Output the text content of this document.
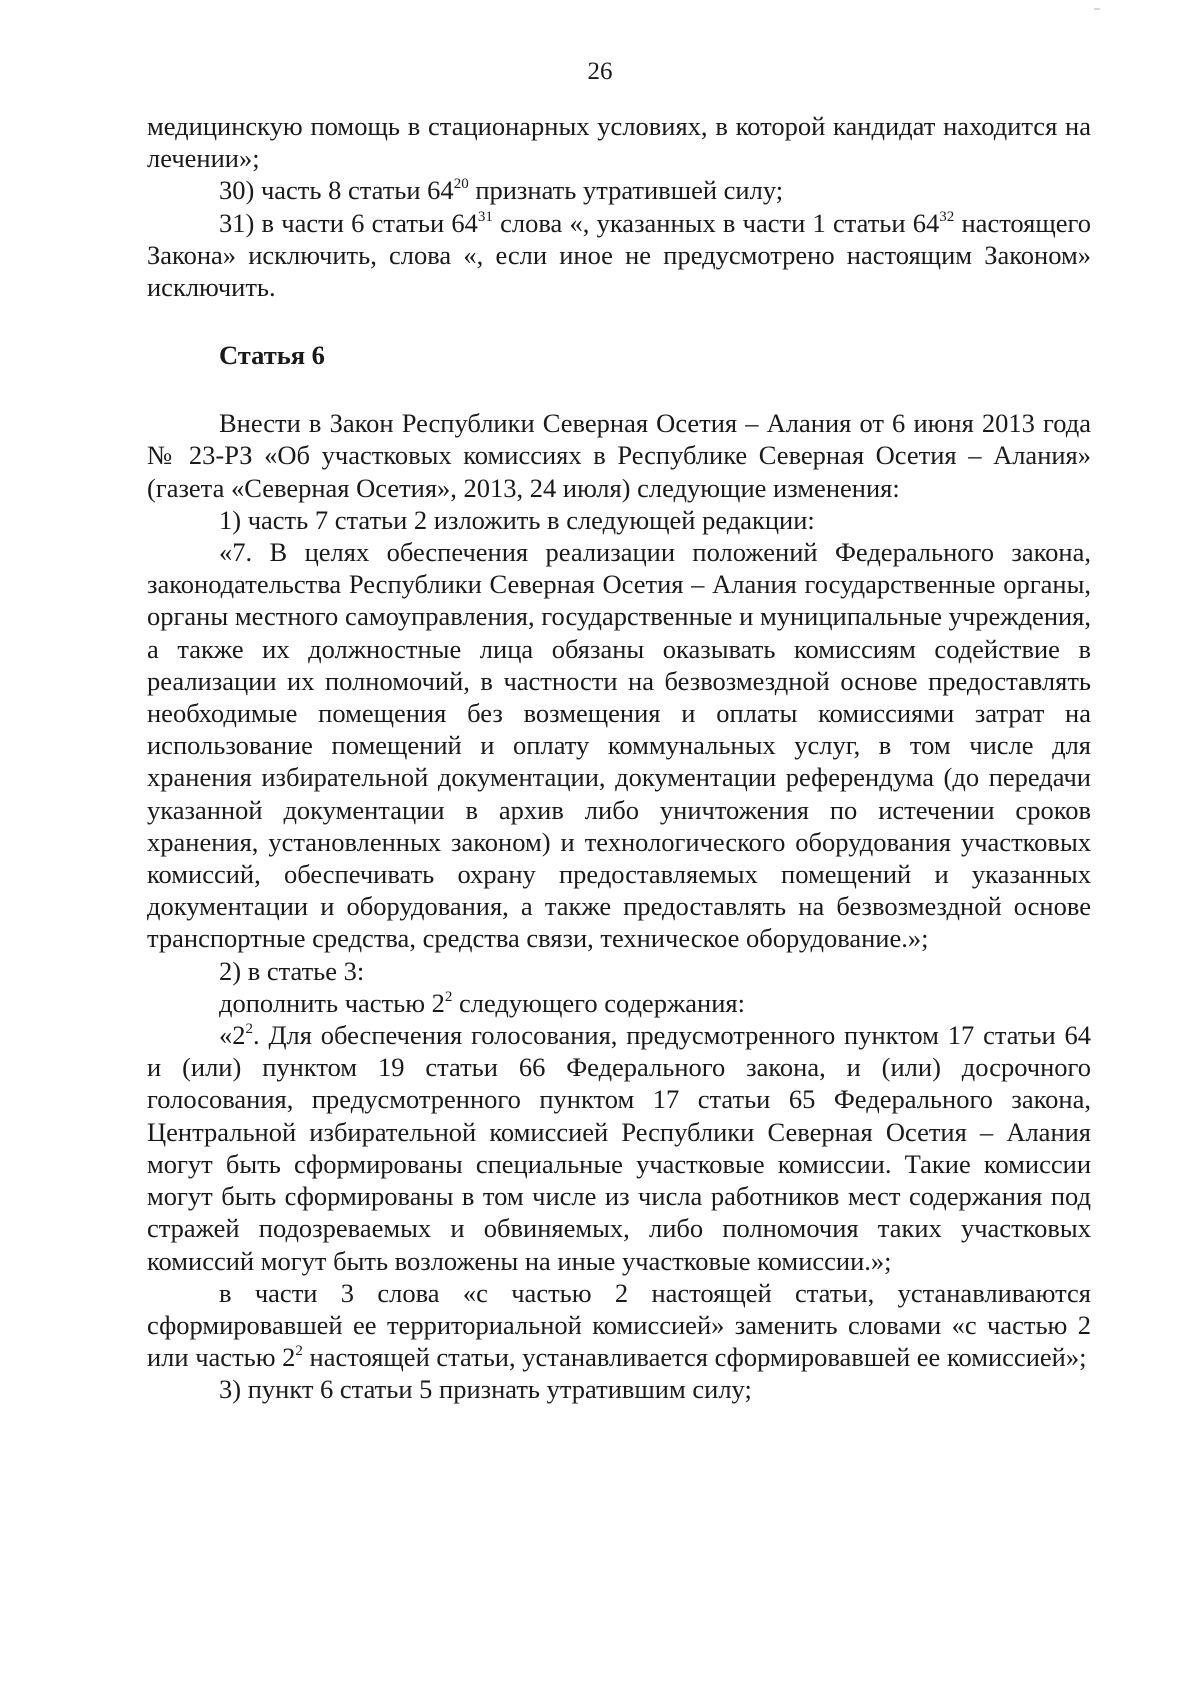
26

медицинскую помощь в стационарных условиях, в которой кандидат находится на лечении»;

30) часть 8 статьи $64^{20}$ признать утратившей силу;

31) в части 6 статьи $64^{31}$ слова «, указанных в части 1 статьи $64^{32}$ настоящего Закона» исключить, слова «, если иное не предусмотрено настоящим Законом» исключить.

Статья 6

Внести в Закон Республики Северная Осетия – Алания от 6 июня 2013 года № 23-РЗ «Об участковых комиссиях в Республике Северная Осетия – Алания» (газета «Северная Осетия», 2013, 24 июля) следующие изменения:

1) часть 7 статьи 2 изложить в следующей редакции:

«7. В целях обеспечения реализации положений Федерального закона, законодательства Республики Северная Осетия – Алания государственные органы, органы местного самоуправления, государственные и муниципальные учреждения, а также их должностные лица обязаны оказывать комиссиям содействие в реализации их полномочий, в частности на безвозмездной основе предоставлять необходимые помещения без возмещения и оплаты комиссиями затрат на использование помещений и оплату коммунальных услуг, в том числе для хранения избирательной документации, документации референдума (до передачи указанной документации в архив либо уничтожения по истечении сроков хранения, установленных законом) и технологического оборудования участковых комиссий, обеспечивать охрану предоставляемых помещений и указанных документации и оборудования, а также предоставлять на безвозмездной основе транспортные средства, средства связи, техническое оборудование.»;

2) в статье 3:

дополнить частью $2^2$ следующего содержания:

«$2^2$. Для обеспечения голосования, предусмотренного пунктом 17 статьи 64 и (или) пунктом 19 статьи 66 Федерального закона, и (или) досрочного голосования, предусмотренного пунктом 17 статьи 65 Федерального закона, Центральной избирательной комиссией Республики Северная Осетия – Алания могут быть сформированы специальные участковые комиссии. Такие комиссии могут быть сформированы в том числе из числа работников мест содержания под стражей подозреваемых и обвиняемых, либо полномочия таких участковых комиссий могут быть возложены на иные участковые комиссии.»;

в части 3 слова «с частью 2 настоящей статьи, устанавливаются сформировавшей ее территориальной комиссией» заменить словами «с частью 2 или частью $2^2$ настоящей статьи, устанавливается сформировавшей ее комиссией»;

3) пункт 6 статьи 5 признать утратившим силу;
